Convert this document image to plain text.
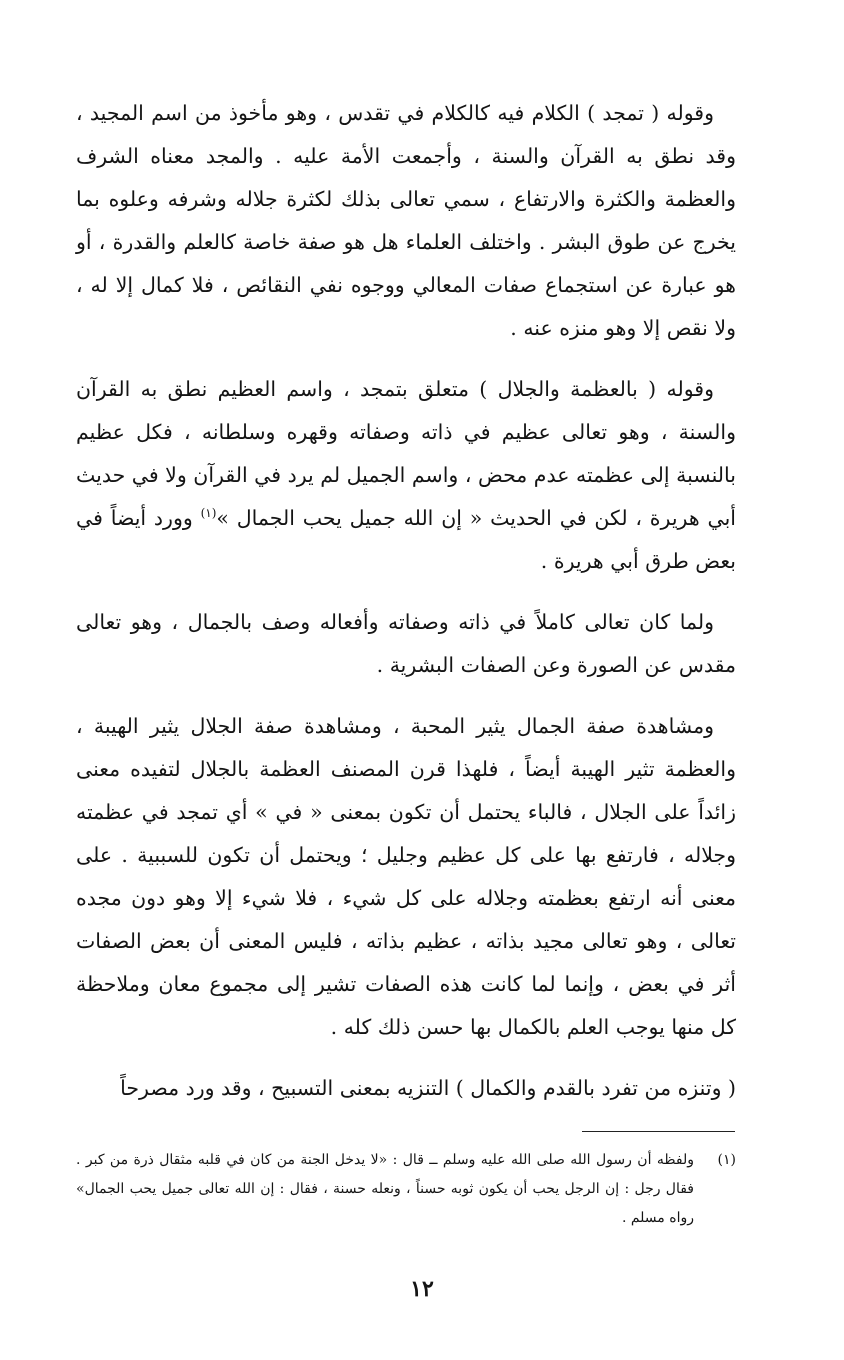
وقوله ( تمجد ) الكلام فيه كالكلام في تقدس ، وهو مأخوذ من اسم المجيد ، وقد نطق به القرآن والسنة ، وأجمعت الأمة عليه . والمجد معناه الشرف والعظمة والكثرة والارتفاع ، سمي تعالى بذلك لكثرة جلاله وشرفه وعلوه بما يخرج عن طوق البشر . واختلف العلماء هل هو صفة خاصة كالعلم والقدرة ، أو هو عبارة عن استجماع صفات المعالي ووجوه نفي النقائص ، فلا كمال إلا له ، ولا نقص إلا وهو منزه عنه .

وقوله ( بالعظمة والجلال ) متعلق بتمجد ، واسم العظيم نطق به القرآن والسنة ، وهو تعالى عظيم في ذاته وصفاته وقهره وسلطانه ، فكل عظيم بالنسبة إلى عظمته عدم محض ، واسم الجميل لم يرد في القرآن ولا في حديث أبي هريرة ، لكن في الحديث « إن الله جميل يحب الجمال »$^{(١)}$ وورد أيضاً في بعض طرق أبي هريرة .

ولما كان تعالى كاملاً في ذاته وصفاته وأفعاله وصف بالجمال ، وهو تعالى مقدس عن الصورة وعن الصفات البشرية .

ومشاهدة صفة الجمال يثير المحبة ، ومشاهدة صفة الجلال يثير الهيبة ، والعظمة تثير الهيبة أيضاً ، فلهذا قرن المصنف العظمة بالجلال لتفيده معنى زائداً على الجلال ، فالباء يحتمل أن تكون بمعنى « في » أي تمجد في عظمته وجلاله ، فارتفع بها على كل عظيم وجليل ؛ ويحتمل أن تكون للسببية . على معنى أنه ارتفع بعظمته وجلاله على كل شيء ، فلا شيء إلا وهو دون مجده تعالى ، وهو تعالى مجيد بذاته ، عظيم بذاته ، فليس المعنى أن بعض الصفات أثر في بعض ، وإنما لما كانت هذه الصفات تشير إلى مجموع معان وملاحظة كل منها يوجب العلم بالكمال بها حسن ذلك كله .

( وتنزه من تفرد بالقدم والكمال ) التنزيه بمعنى التسبيح ، وقد ورد مصرحاً

(١)
ولفظه أن رسول الله صلى الله عليه وسلم ــ قال : «لا يدخل الجنة من كان في قلبه مثقال ذرة من كبر . فقال رجل : إن الرجل يحب أن يكون ثوبه حسناً ، ونعله حسنة ، فقال : إن الله تعالى جميل يحب الجمال» رواه مسلم .
١٢
